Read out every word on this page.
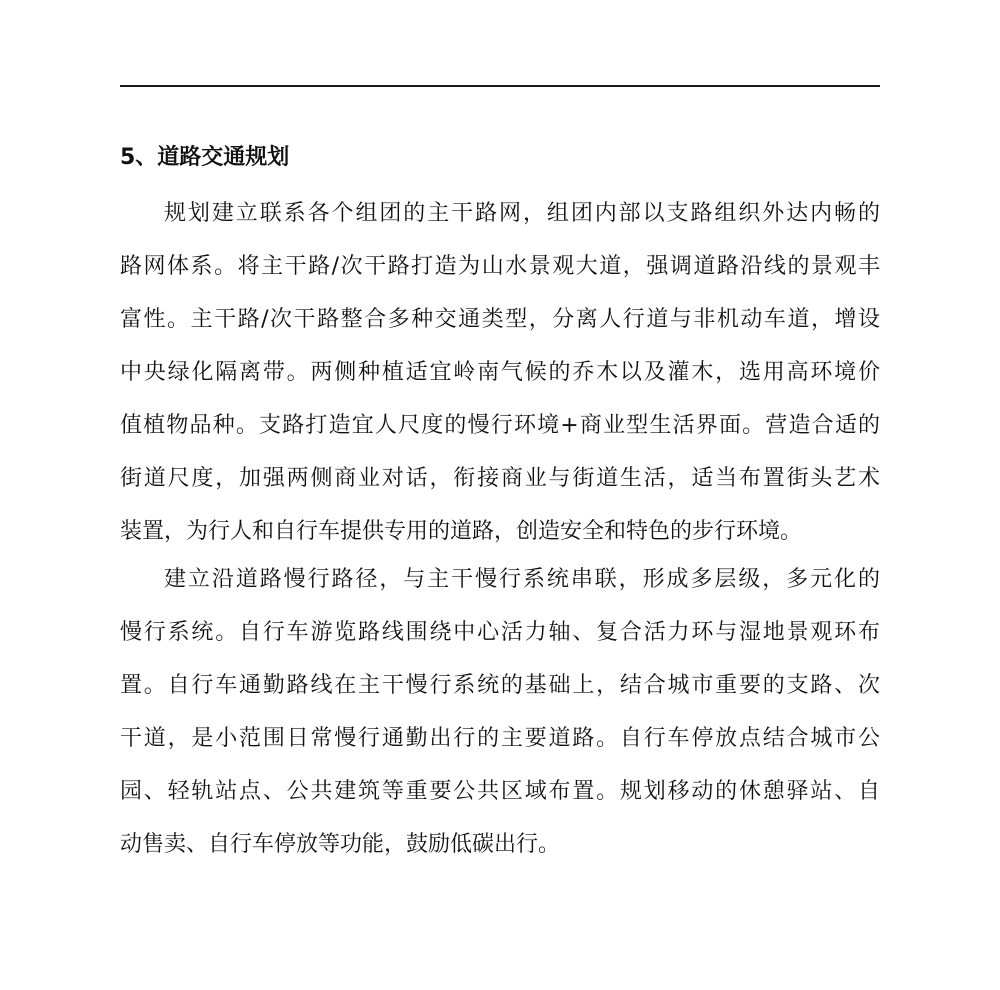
5、道路交通规划
规划建立联系各个组团的主干路网，组团内部以支路组织外达内畅的
路网体系。将主干路/次干路打造为山水景观大道，强调道路沿线的景观丰
富性。主干路/次干路整合多种交通类型，分离人行道与非机动车道，增设
中央绿化隔离带。两侧种植适宜岭南气候的乔木以及灌木，选用高环境价
值植物品种。支路打造宜人尺度的慢行环境+商业型生活界面。营造合适的
街道尺度，加强两侧商业对话，衔接商业与街道生活，适当布置街头艺术
装置，为行人和自行车提供专用的道路，创造安全和特色的步行环境。
建立沿道路慢行路径，与主干慢行系统串联，形成多层级，多元化的
慢行系统。自行车游览路线围绕中心活力轴、复合活力环与湿地景观环布
置。自行车通勤路线在主干慢行系统的基础上，结合城市重要的支路、次
干道，是小范围日常慢行通勤出行的主要道路。自行车停放点结合城市公
园、轻轨站点、公共建筑等重要公共区域布置。规划移动的休憩驿站、自
动售卖、自行车停放等功能，鼓励低碳出行。
